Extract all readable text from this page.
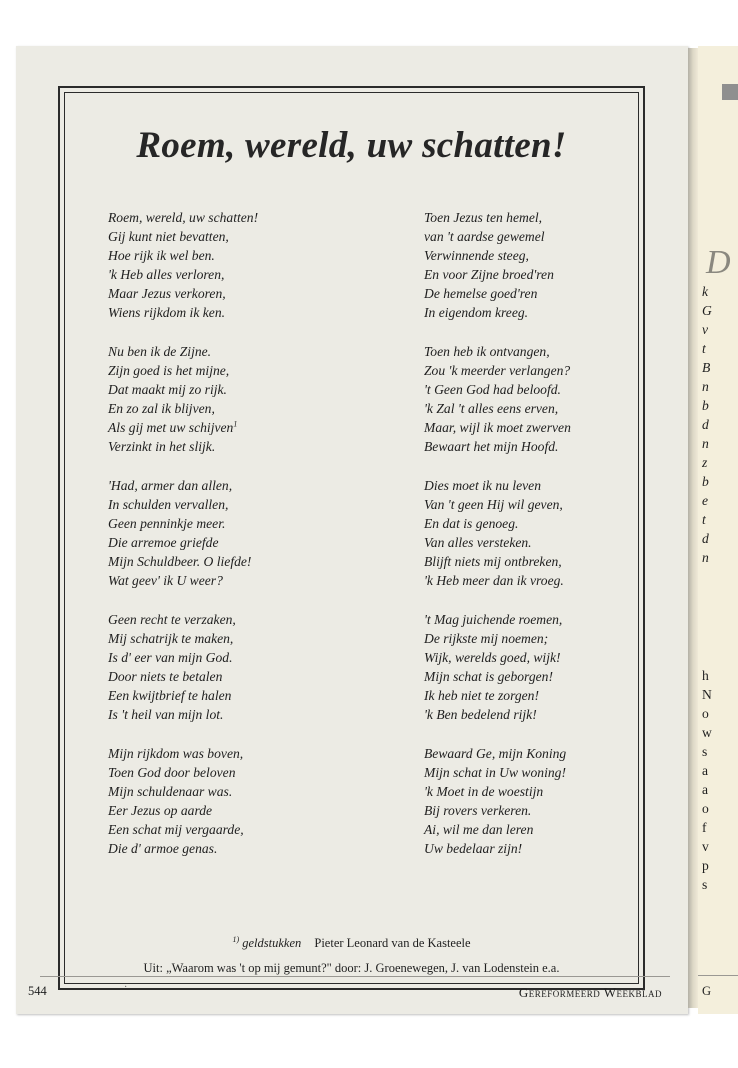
Roem, wereld, uw schatten!
Roem, wereld, uw schatten!
Gij kunt niet bevatten,
Hoe rijk ik wel ben.
'k Heb alles verloren,
Maar Jezus verkoren,
Wiens rijkdom ik ken.
Nu ben ik de Zijne.
Zijn goed is het mijne,
Dat maakt mij zo rijk.
En zo zal ik blijven,
Als gij met uw schijven$^1$
Verzinkt in het slijk.
'Had, armer dan allen,
In schulden vervallen,
Geen penninkje meer.
Die arremoe griefde
Mijn Schuldbeer. O liefde!
Wat geev' ik U weer?
Geen recht te verzaken,
Mij schatrijk te maken,
Is d' eer van mijn God.
Door niets te betalen
Een kwijtbrief te halen
Is 't heil van mijn lot.
Mijn rijkdom was boven,
Toen God door beloven
Mijn schuldenaar was.
Eer Jezus op aarde
Een schat mij vergaarde,
Die d' armoe genas.
Toen Jezus ten hemel,
van 't aardse gewemel
Verwinnende steeg,
En voor Zijne broed'ren
De hemelse goed'ren
In eigendom kreeg.
Toen heb ik ontvangen,
Zou 'k meerder verlangen?
't Geen God had beloofd.
'k Zal 't alles eens erven,
Maar, wijl ik moet zwerven
Bewaart het mijn Hoofd.
Dies moet ik nu leven
Van 't geen Hij wil geven,
En dat is genoeg.
Van alles versteken.
Blijft niets mij ontbreken,
'k Heb meer dan ik vroeg.
't Mag juichende roemen,
De rijkste mij noemen;
Wijk, werelds goed, wijk!
Mijn schat is geborgen!
Ik heb niet te zorgen!
'k Ben bedelend rijk!
Bewaard Ge, mijn Koning
Mijn schat in Uw woning!
'k Moet in de woestijn
Bij rovers verkeren.
Ai, wil me dan leren
Uw bedelaar zijn!
$^{1)}$ geldstukken Pieter Leonard van de Kasteele
Uit: „Waarom was 't op mij gemunt?" door: J. Groenewegen, J. van Lodenstein e.a.
544	·	Gereformeerd Weekblad
D
k
G
v
t
B
n
b
d
n
z
b
e
t
d
n
h
N
o
w
s
a
a
o
f
v
p
s
G
